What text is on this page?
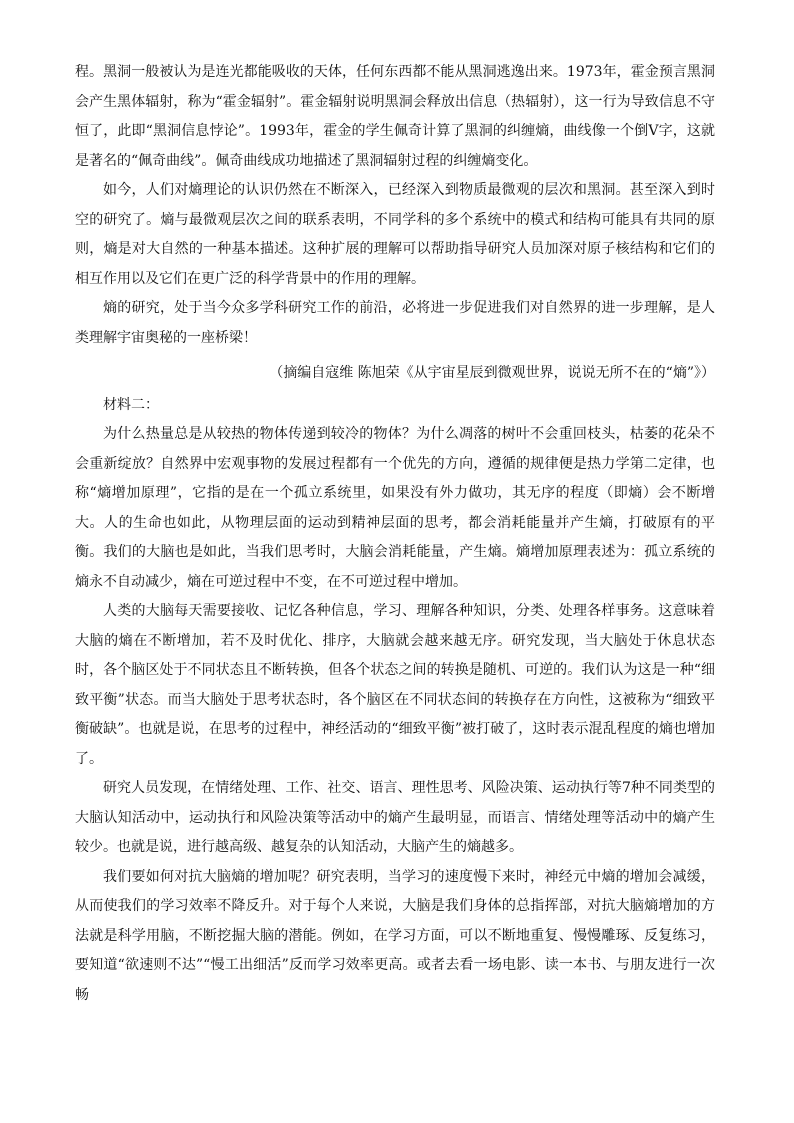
程。黑洞一般被认为是连光都能吸收的天体，任何东西都不能从黑洞逃逸出来。1973年，霍金预言黑洞会产生黑体辐射，称为“霍金辐射”。霍金辐射说明黑洞会释放出信息（热辐射），这一行为导致信息不守恒了，此即“黑洞信息悖论”。1993年，霍金的学生佩奇计算了黑洞的纠缠熵，曲线像一个倒V字，这就是著名的“佩奇曲线”。佩奇曲线成功地描述了黑洞辐射过程的纠缠熵变化。

如今，人们对熵理论的认识仍然在不断深入，已经深入到物质最微观的层次和黑洞。甚至深入到时空的研究了。熵与最微观层次之间的联系表明，不同学科的多个系统中的模式和结构可能具有共同的原则，熵是对大自然的一种基本描述。这种扩展的理解可以帮助指导研究人员加深对原子核结构和它们的相互作用以及它们在更广泛的科学背景中的作用的理解。

熵的研究，处于当今众多学科研究工作的前沿，必将进一步促进我们对自然界的进一步理解，是人类理解宇宙奥秘的一座桥梁！

（摘编自寇维 陈旭荣《从宇宙星辰到微观世界，说说无所不在的“熵”》）

材料二：

为什么热量总是从较热的物体传递到较冷的物体？为什么凋落的树叶不会重回枝头，枯萎的花朵不会重新绽放？自然界中宏观事物的发展过程都有一个优先的方向，遵循的规律便是热力学第二定律，也称“熵增加原理”，它指的是在一个孤立系统里，如果没有外力做功，其无序的程度（即熵）会不断增大。人的生命也如此，从物理层面的运动到精神层面的思考，都会消耗能量并产生熵，打破原有的平衡。我们的大脑也是如此，当我们思考时，大脑会消耗能量，产生熵。熵增加原理表述为：孤立系统的熵永不自动减少，熵在可逆过程中不变，在不可逆过程中增加。

人类的大脑每天需要接收、记忆各种信息，学习、理解各种知识，分类、处理各样事务。这意味着大脑的熵在不断增加，若不及时优化、排序，大脑就会越来越无序。研究发现，当大脑处于休息状态时，各个脑区处于不同状态且不断转换，但各个状态之间的转换是随机、可逆的。我们认为这是一种“细致平衡”状态。而当大脑处于思考状态时，各个脑区在不同状态间的转换存在方向性，这被称为“细致平衡破缺”。也就是说，在思考的过程中，神经活动的“细致平衡”被打破了，这时表示混乱程度的熵也增加了。

研究人员发现，在情绪处理、工作、社交、语言、理性思考、风险决策、运动执行等7种不同类型的大脑认知活动中，运动执行和风险决策等活动中的熵产生最明显，而语言、情绪处理等活动中的熵产生较少。也就是说，进行越高级、越复杂的认知活动，大脑产生的熵越多。

我们要如何对抗大脑熵的增加呢？研究表明，当学习的速度慢下来时，神经元中熵的增加会减缓，从而使我们的学习效率不降反升。对于每个人来说，大脑是我们身体的总指挥部，对抗大脑熵增加的方法就是科学用脑，不断挖掘大脑的潜能。例如，在学习方面，可以不断地重复、慢慢雕琢、反复练习，要知道“欲速则不达”“慢工出细活”反而学习效率更高。或者去看一场电影、读一本书、与朋友进行一次畅
